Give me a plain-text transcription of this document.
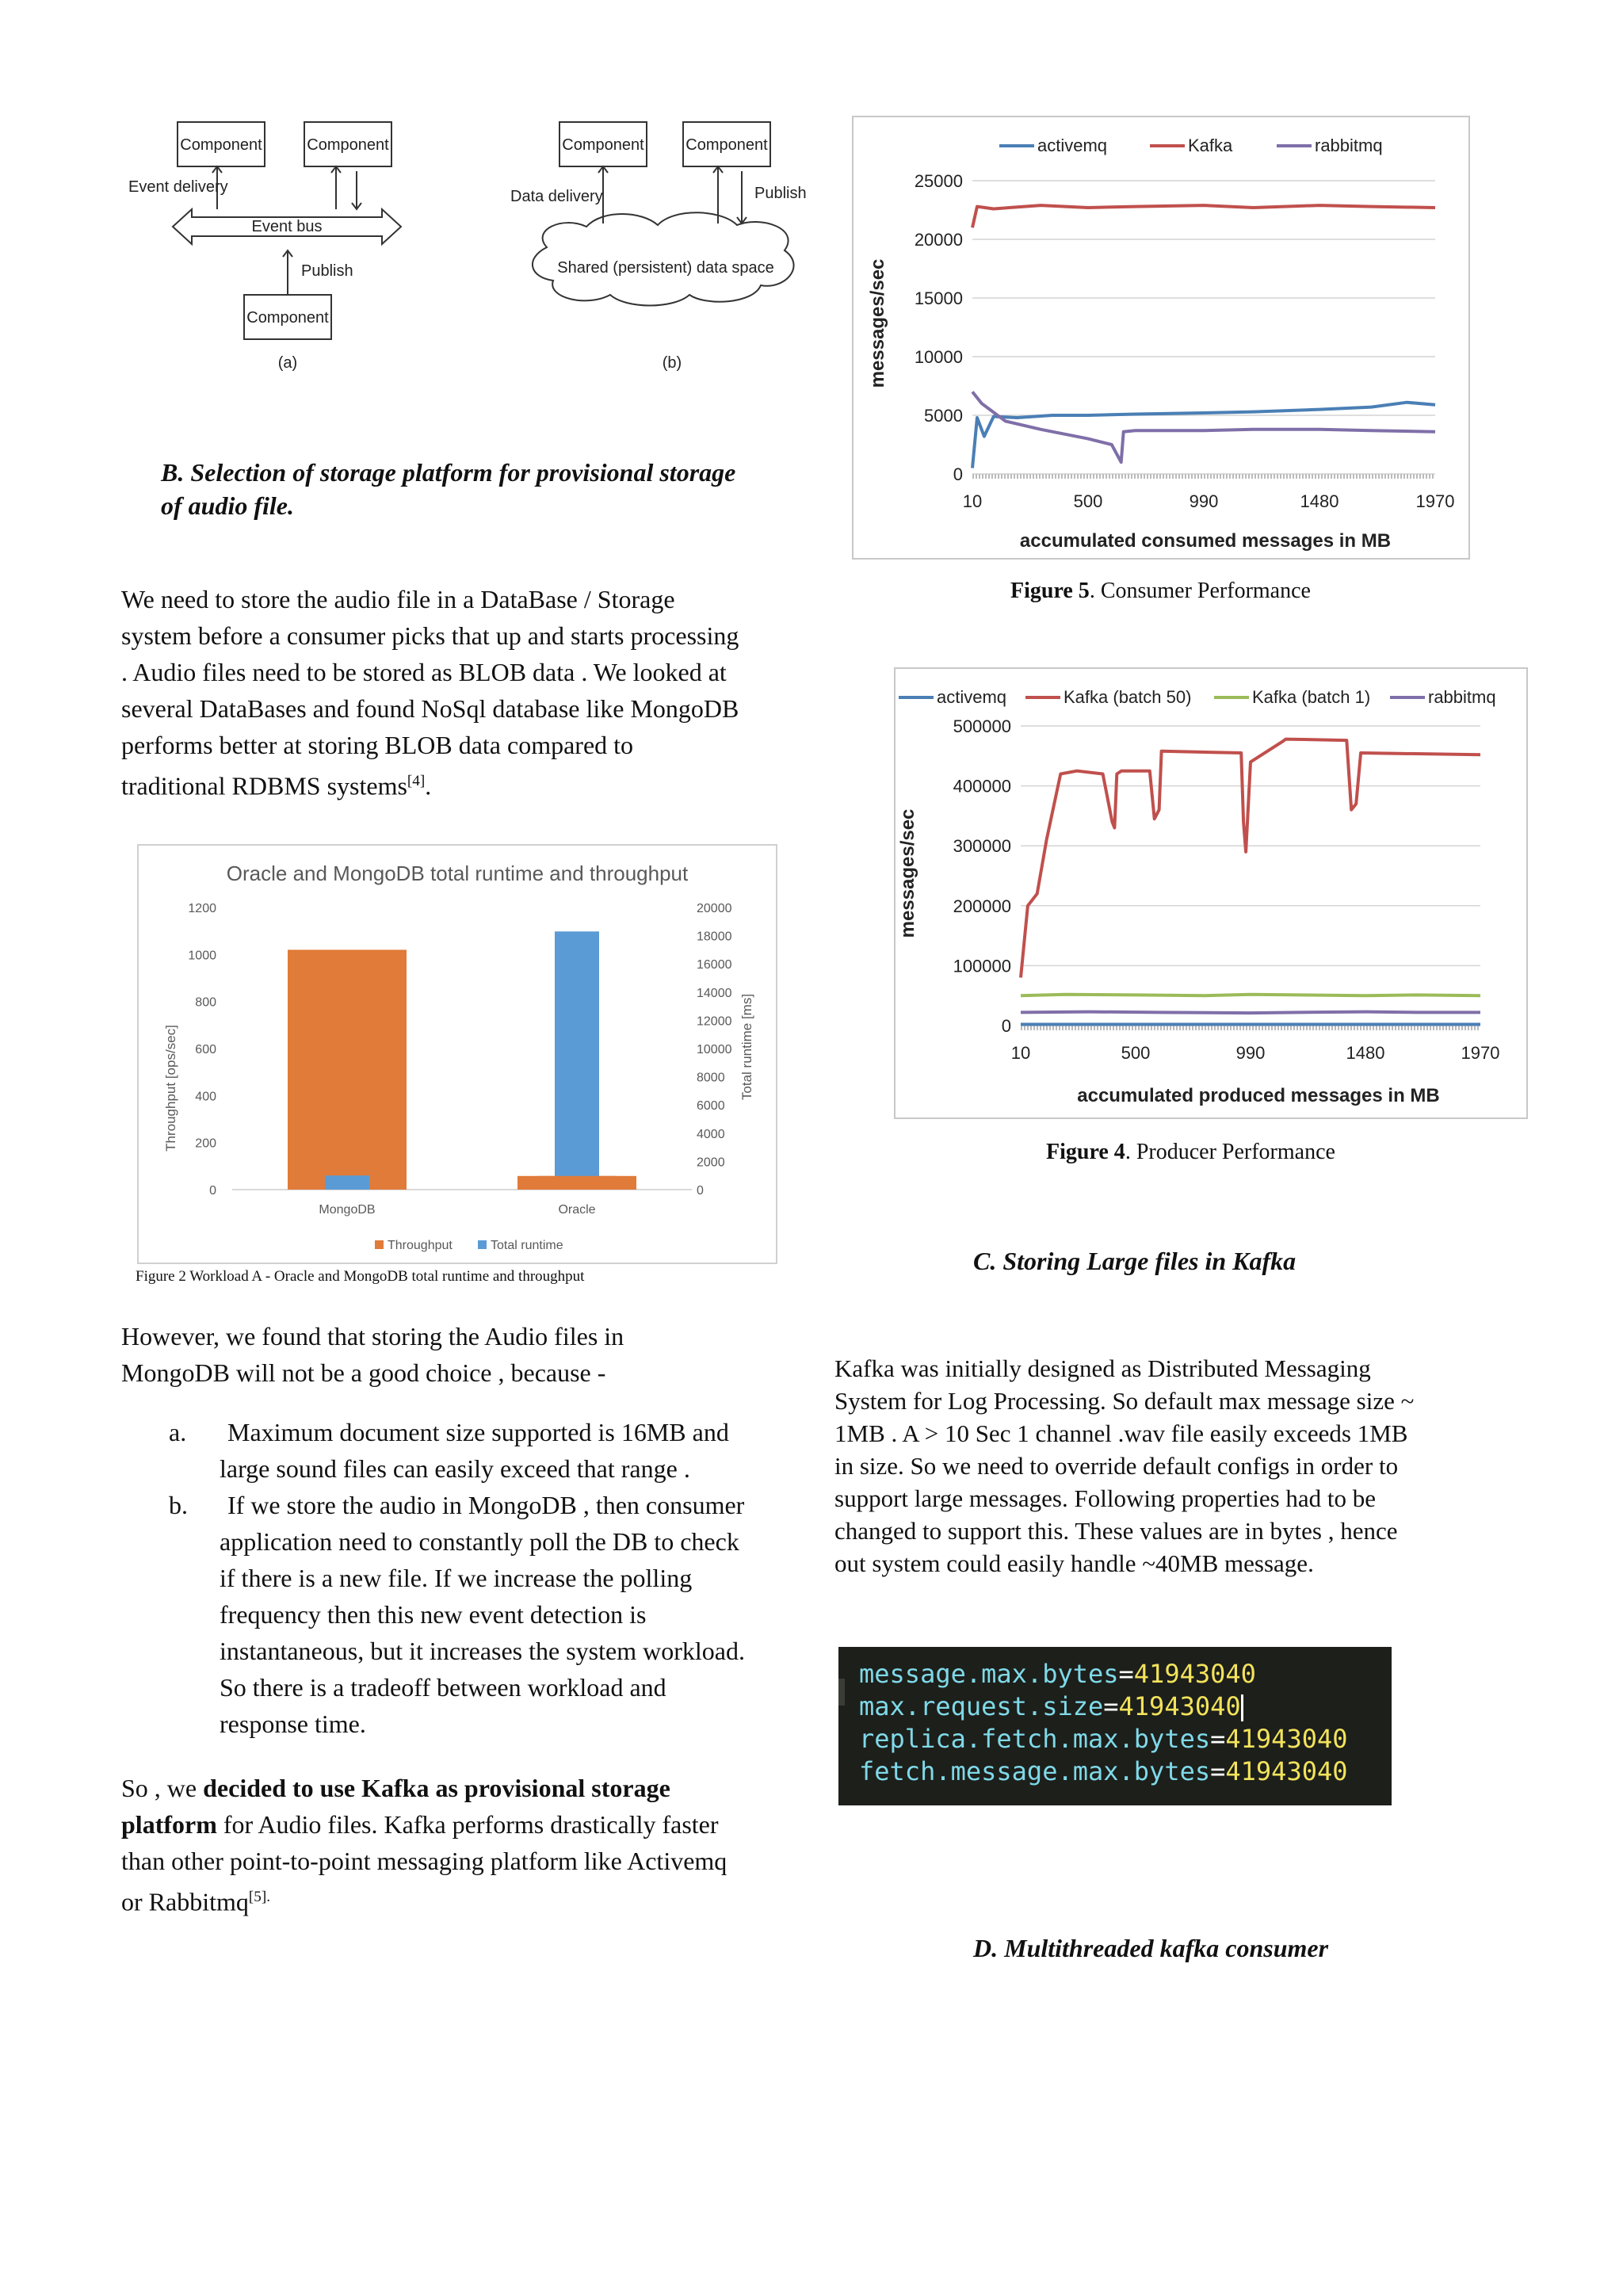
Component	Component
Component
Event delivery
Event bus
Publish
(a)
Component	Component
Data delivery	Publish
Shared (persistent) data space
(b)
B. Selection of storage platform for provisional storage
of audio file.
We need to store the audio file in a DataBase / Storage
system before a consumer picks that up and starts processing
. Audio files need to be stored as BLOB data . We looked at
several DataBases and found NoSql database like MongoDB
performs better at storing BLOB data compared to
traditional RDBMS systems[4].
Oracle and MongoDB total runtime and throughput
0
200
400
600
800
1000
1200
0
2000
4000
6000
8000
10000
12000
14000
16000
18000
20000
MongoDB	Oracle
Throughput [ops/sec]	Total runtime [ms]
Throughput	Total runtime
Figure 2 Workload A - Oracle and MongoDB total runtime and throughput
However, we found that storing the Audio files in
MongoDB will not be a good choice , because -
a. Maximum document size supported is 16MB and
large sound files can easily exceed that range .
b. If we store the audio in MongoDB , then consumer
application need to constantly poll the DB to check
if there is a new file. If we increase the polling
frequency then this new event detection is
instantaneous, but it increases the system workload.
So there is a tradeoff between workload and
response time.
So , we decided to use Kafka as provisional storage
platform for Audio files. Kafka performs drastically faster
than other point-to-point messaging platform like Activemq
or Rabbitmq$^{[5].}$
activemq	Kafka	rabbitmq
0
5000
10000
15000
20000
25000
10	500	990	1480	1970
messages/sec
accumulated consumed messages in MB
Figure 5. Consumer Performance
activemq	Kafka (batch 50)	Kafka (batch 1)	rabbitmq
0
100000
200000
300000
400000
500000
10	500	990	1480	1970
messages/sec
accumulated produced messages in MB
Figure 4. Producer Performance
C. Storing Large files in Kafka
Kafka was initially designed as Distributed Messaging
System for Log Processing. So default max message size ~
1MB . A > 10 Sec 1 channel .wav file easily exceeds 1MB
in size. So we need to override default configs in order to
support large messages. Following properties had to be
changed to support this. These values are in bytes , hence
out system could easily handle ~40MB message.

message.max.bytes=41943040
max.request.size=41943040
replica.fetch.max.bytes=41943040
fetch.message.max.bytes=41943040
D. Multithreaded kafka consumer
